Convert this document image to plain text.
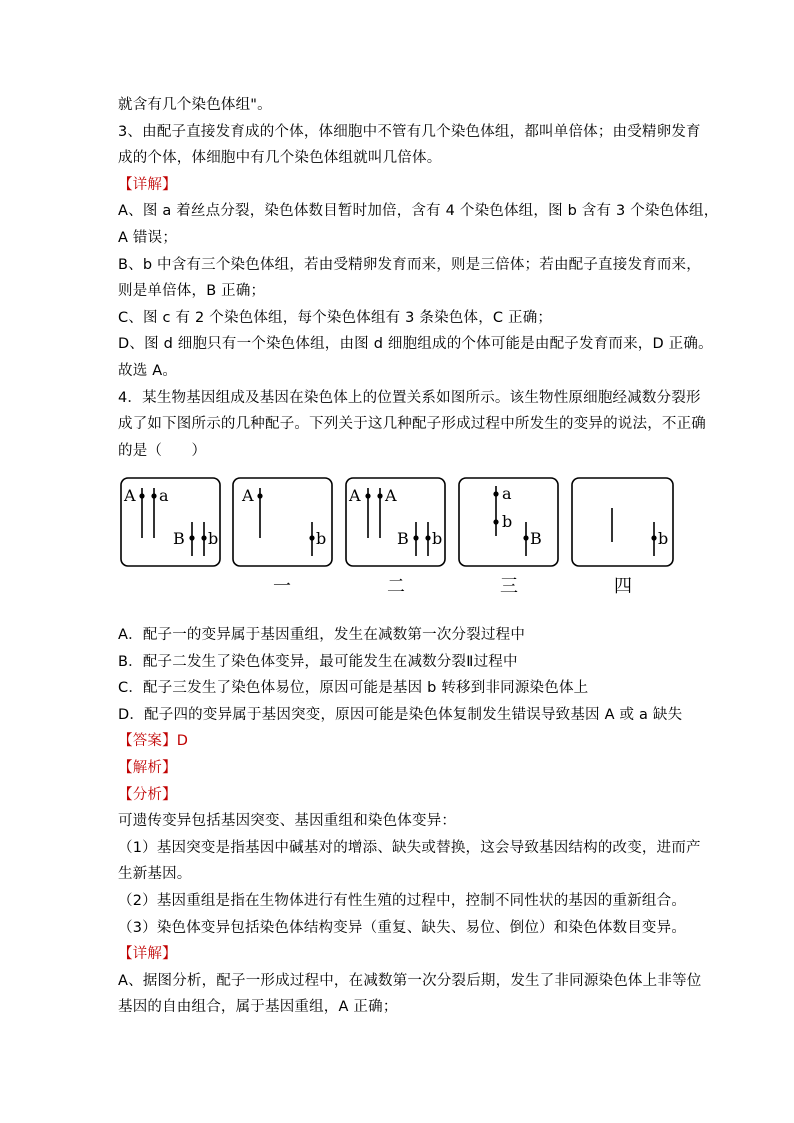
就含有几个染色体组"。
3、由配子直接发育成的个体，体细胞中不管有几个染色体组，都叫单倍体；由受精卵发育
成的个体，体细胞中有几个染色体组就叫几倍体。
【详解】
A、图 a 着丝点分裂，染色体数目暂时加倍，含有 4 个染色体组，图 b 含有 3 个染色体组，
A 错误；
B、b 中含有三个染色体组，若由受精卵发育而来，则是三倍体；若由配子直接发育而来，
则是单倍体，B 正确；
C、图 c 有 2 个染色体组，每个染色体组有 3 条染色体，C 正确；
D、图 d 细胞只有一个染色体组，由图 d 细胞组成的个体可能是由配子发育而来，D 正确。
故选 A。
4．某生物基因组成及基因在染色体上的位置关系如图所示。该生物性原细胞经减数分裂形
成了如下图所示的几种配子。下列关于这几种配子形成过程中所发生的变异的说法，不正确
的是（　　）
A a
B b
A
b
A A
B b
a
b
B	b
一	二	三	四
A．配子一的变异属于基因重组，发生在减数第一次分裂过程中
B．配子二发生了染色体变异，最可能发生在减数分裂Ⅱ过程中
C．配子三发生了染色体易位，原因可能是基因 b 转移到非同源染色体上
D．配子四的变异属于基因突变，原因可能是染色体复制发生错误导致基因 A 或 a 缺失
【答案】D
【解析】
【分析】
可遗传变异包括基因突变、基因重组和染色体变异：
（1）基因突变是指基因中碱基对的增添、缺失或替换，这会导致基因结构的改变，进而产
生新基因。
（2）基因重组是指在生物体进行有性生殖的过程中，控制不同性状的基因的重新组合。
（3）染色体变异包括染色体结构变异（重复、缺失、易位、倒位）和染色体数目变异。
【详解】
A、据图分析，配子一形成过程中，在减数第一次分裂后期，发生了非同源染色体上非等位
基因的自由组合，属于基因重组，A 正确；
